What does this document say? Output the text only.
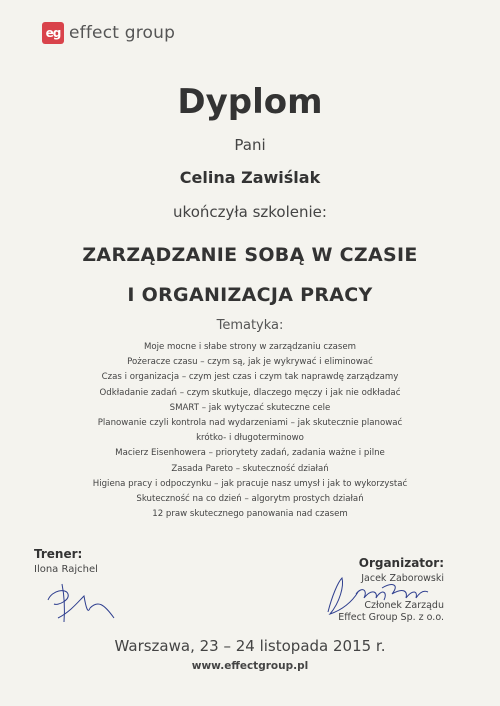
eg effect group
Dyplom
Pani
Celina Zawiślak
ukończyła szkolenie:
ZARZĄDZANIE SOBĄ W CZASIE
I ORGANIZACJA PRACY
Tematyka:
Moje mocne i słabe strony w zarządzaniu czasem
Pożeracze czasu – czym są, jak je wykrywać i eliminować
Czas i organizacja – czym jest czas i czym tak naprawdę zarządzamy
Odkładanie zadań – czym skutkuje, dlaczego męczy i jak nie odkładać
SMART – jak wytyczać skuteczne cele
Planowanie czyli kontrola nad wydarzeniami – jak skutecznie planować
krótko- i długoterminowo
Macierz Eisenhowera – priorytety zadań, zadania ważne i pilne
Zasada Pareto – skuteczność działań
Higiena pracy i odpoczynku – jak pracuje nasz umysł i jak to wykorzystać
Skuteczność na co dzień – algorytm prostych działań
12 praw skutecznego panowania nad czasem
Trener:
Ilona Rajchel	Organizator:
Jacek Zaborowski
Członek Zarządu
Effect Group Sp. z o.o.
Warszawa, 23 – 24 listopada 2015 r.
www.effectgroup.pl
